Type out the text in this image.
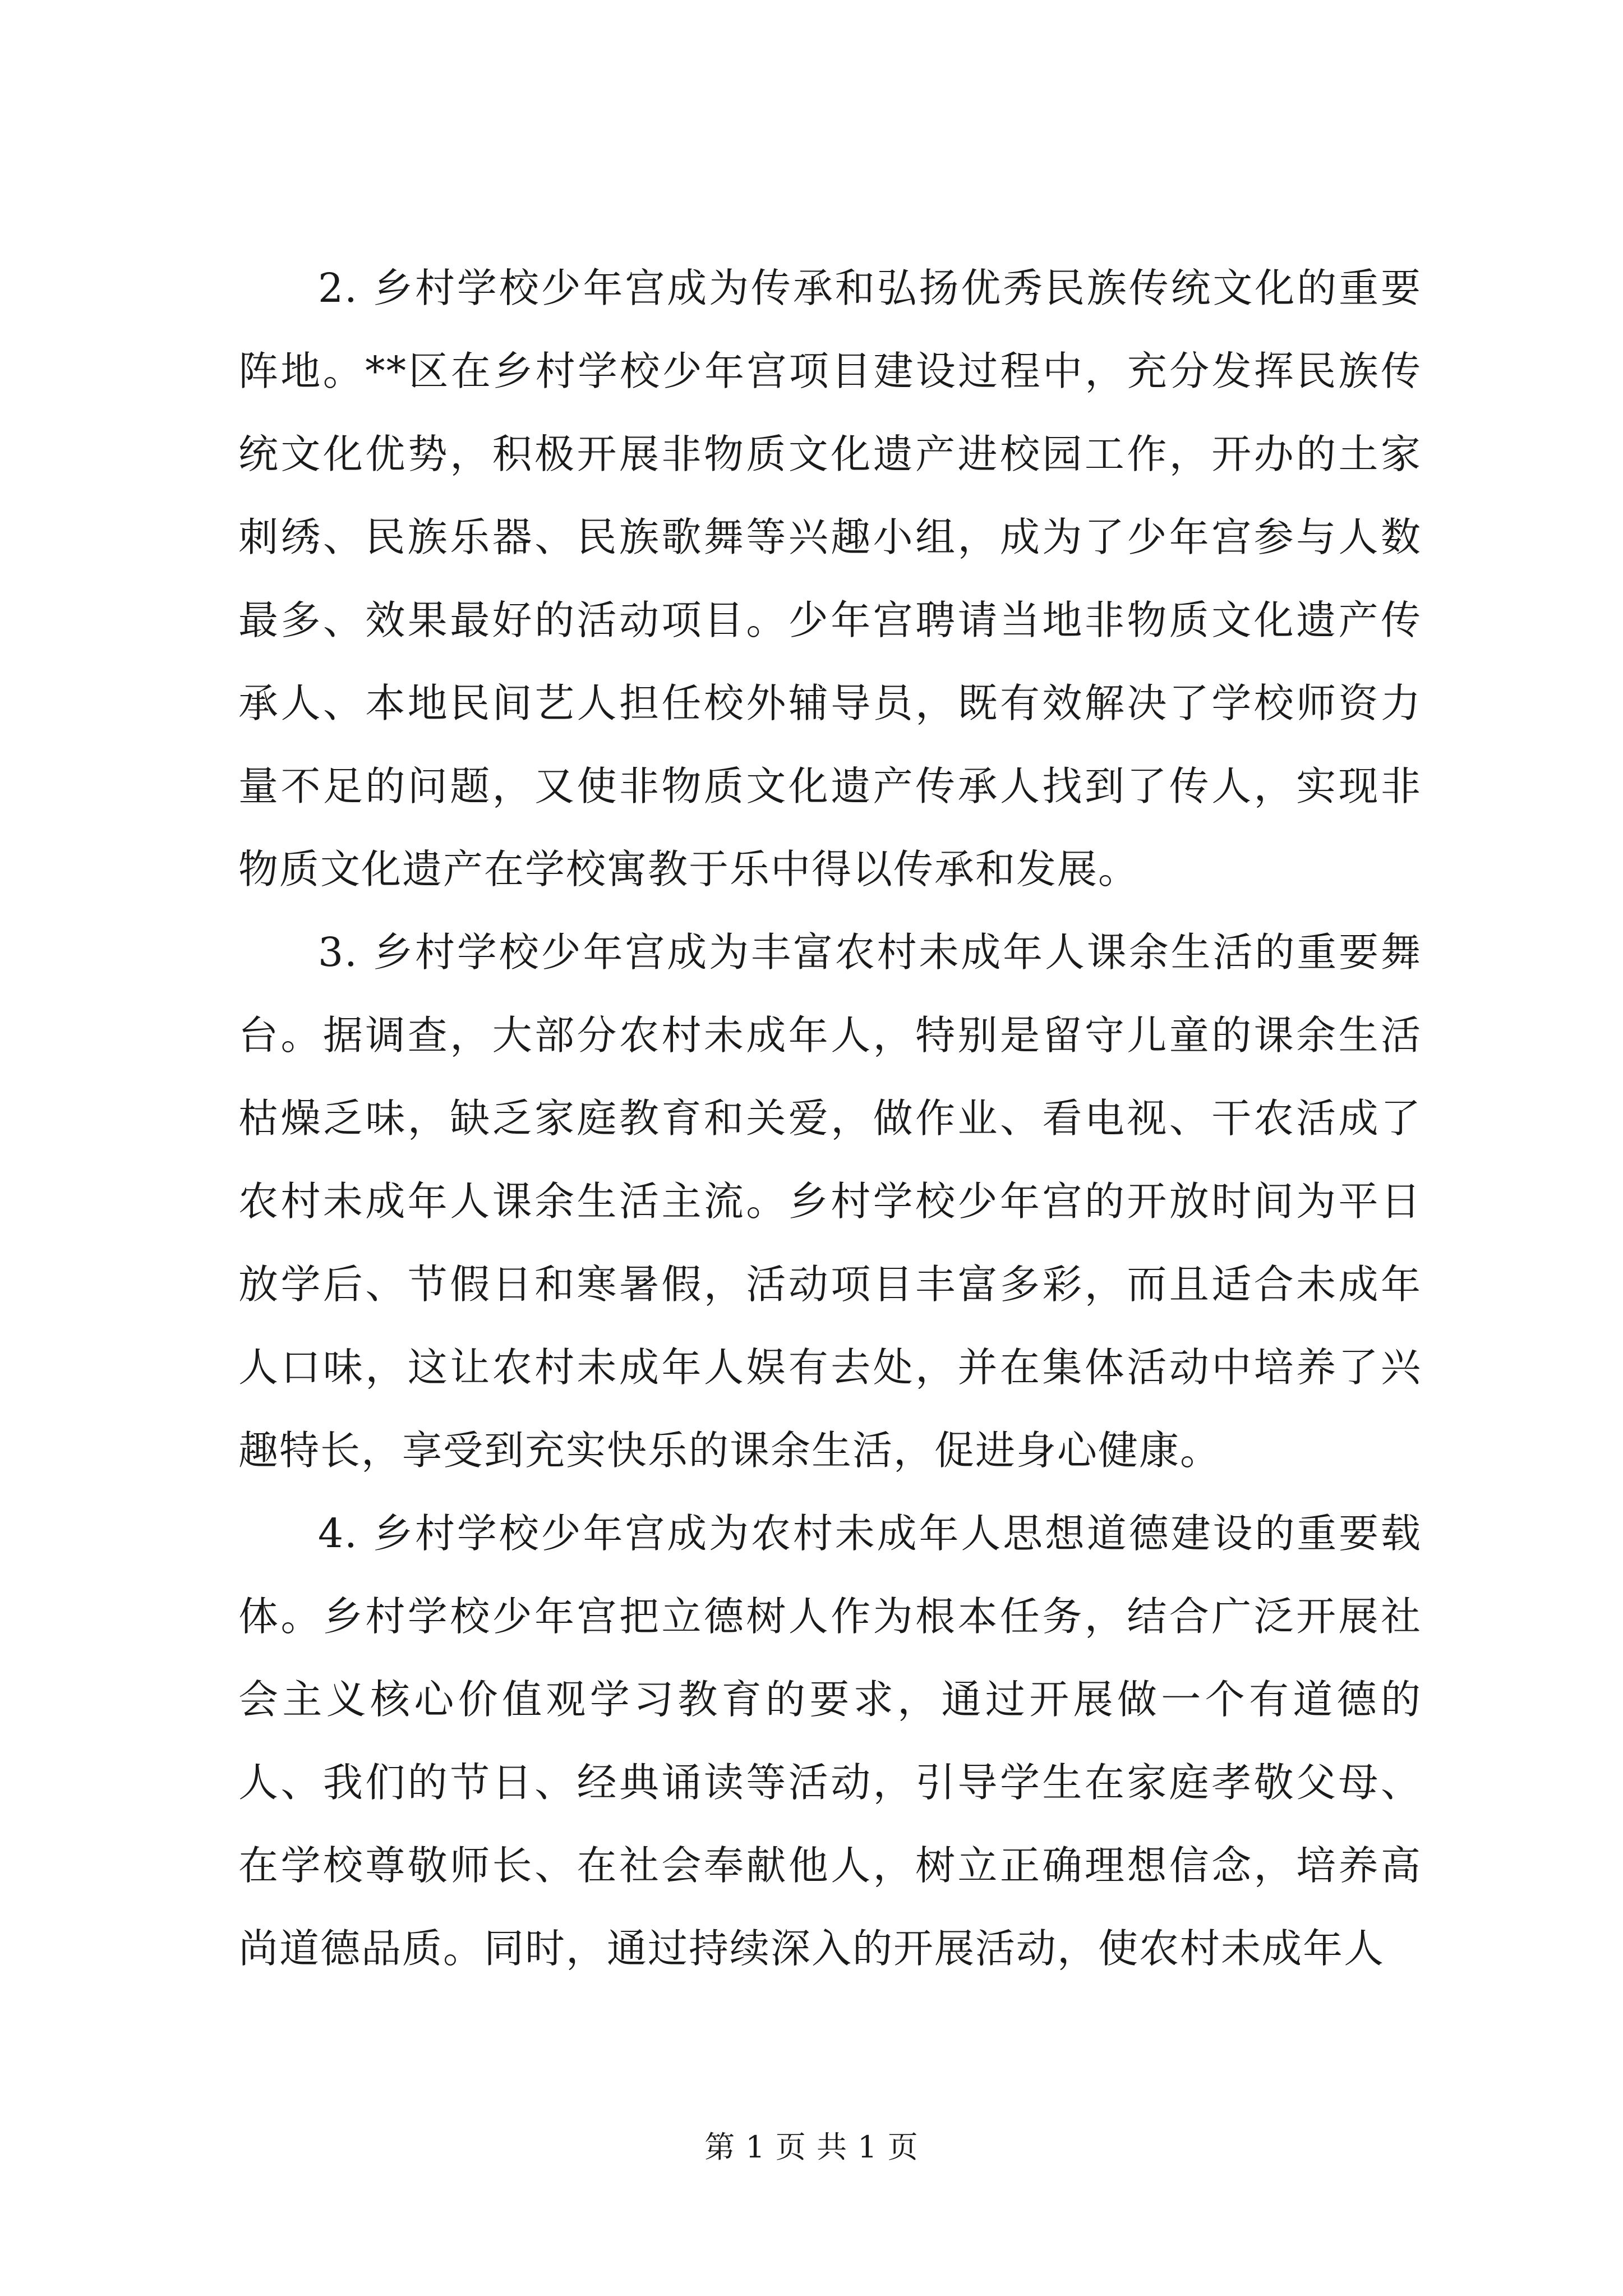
2. 乡村学校少年宫成为传承和弘扬优秀民族传统文化的重要阵地。**区在乡村学校少年宫项目建设过程中，充分发挥民族传统文化优势，积极开展非物质文化遗产进校园工作，开办的土家刺绣、民族乐器、民族歌舞等兴趣小组，成为了少年宫参与人数最多、效果最好的活动项目。少年宫聘请当地非物质文化遗产传承人、本地民间艺人担任校外辅导员，既有效解决了学校师资力量不足的问题，又使非物质文化遗产传承人找到了传人，实现非物质文化遗产在学校寓教于乐中得以传承和发展。

3. 乡村学校少年宫成为丰富农村未成年人课余生活的重要舞台。据调查，大部分农村未成年人，特别是留守儿童的课余生活枯燥乏味，缺乏家庭教育和关爱，做作业、看电视、干农活成了农村未成年人课余生活主流。乡村学校少年宫的开放时间为平日放学后、节假日和寒暑假，活动项目丰富多彩，而且适合未成年人口味，这让农村未成年人娱有去处，并在集体活动中培养了兴趣特长，享受到充实快乐的课余生活，促进身心健康。

4. 乡村学校少年宫成为农村未成年人思想道德建设的重要载体。乡村学校少年宫把立德树人作为根本任务，结合广泛开展社会主义核心价值观学习教育的要求，通过开展做一个有道德的人、我们的节日、经典诵读等活动，引导学生在家庭孝敬父母、在学校尊敬师长、在社会奉献他人，树立正确理想信念，培养高尚道德品质。同时，通过持续深入的开展活动，使农村未成年人

第 1 页 共 1 页
